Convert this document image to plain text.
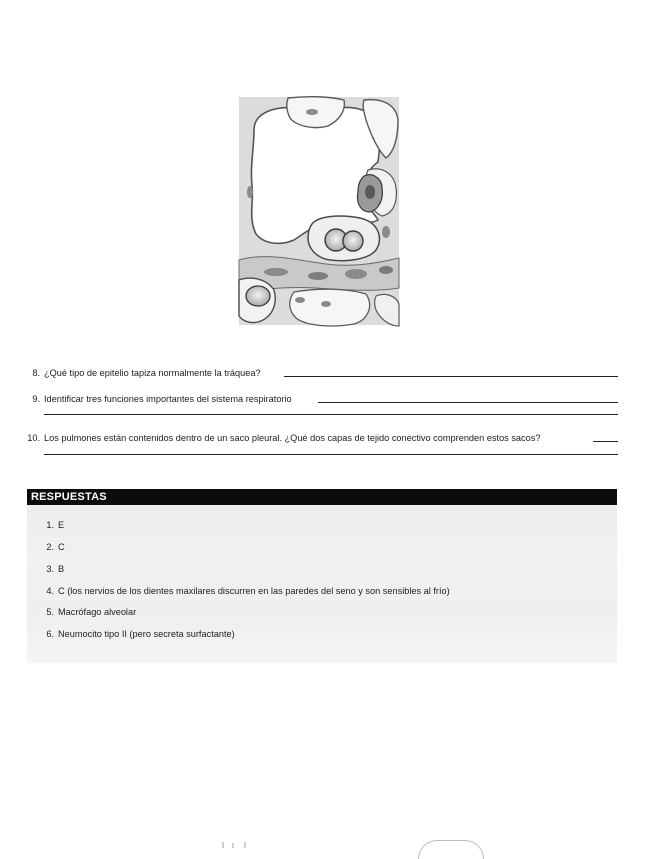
8. ¿Qué tipo de epitelio tapiza normalmente la tráquea?
9. Identificar tres funciones importantes del sistema respiratorio
10. Los pulmones están contenidos dentro de un saco pleural. ¿Qué dos capas de tejido conectivo comprenden estos sacos?
RESPUESTAS
1. E
2. C
3. B
4. C (los nervios de los dientes maxilares discurren en las paredes del seno y son sensibles al frío)
5. Macrófago alveolar
6. Neumocito tipo II (pero secreta surfactante)
